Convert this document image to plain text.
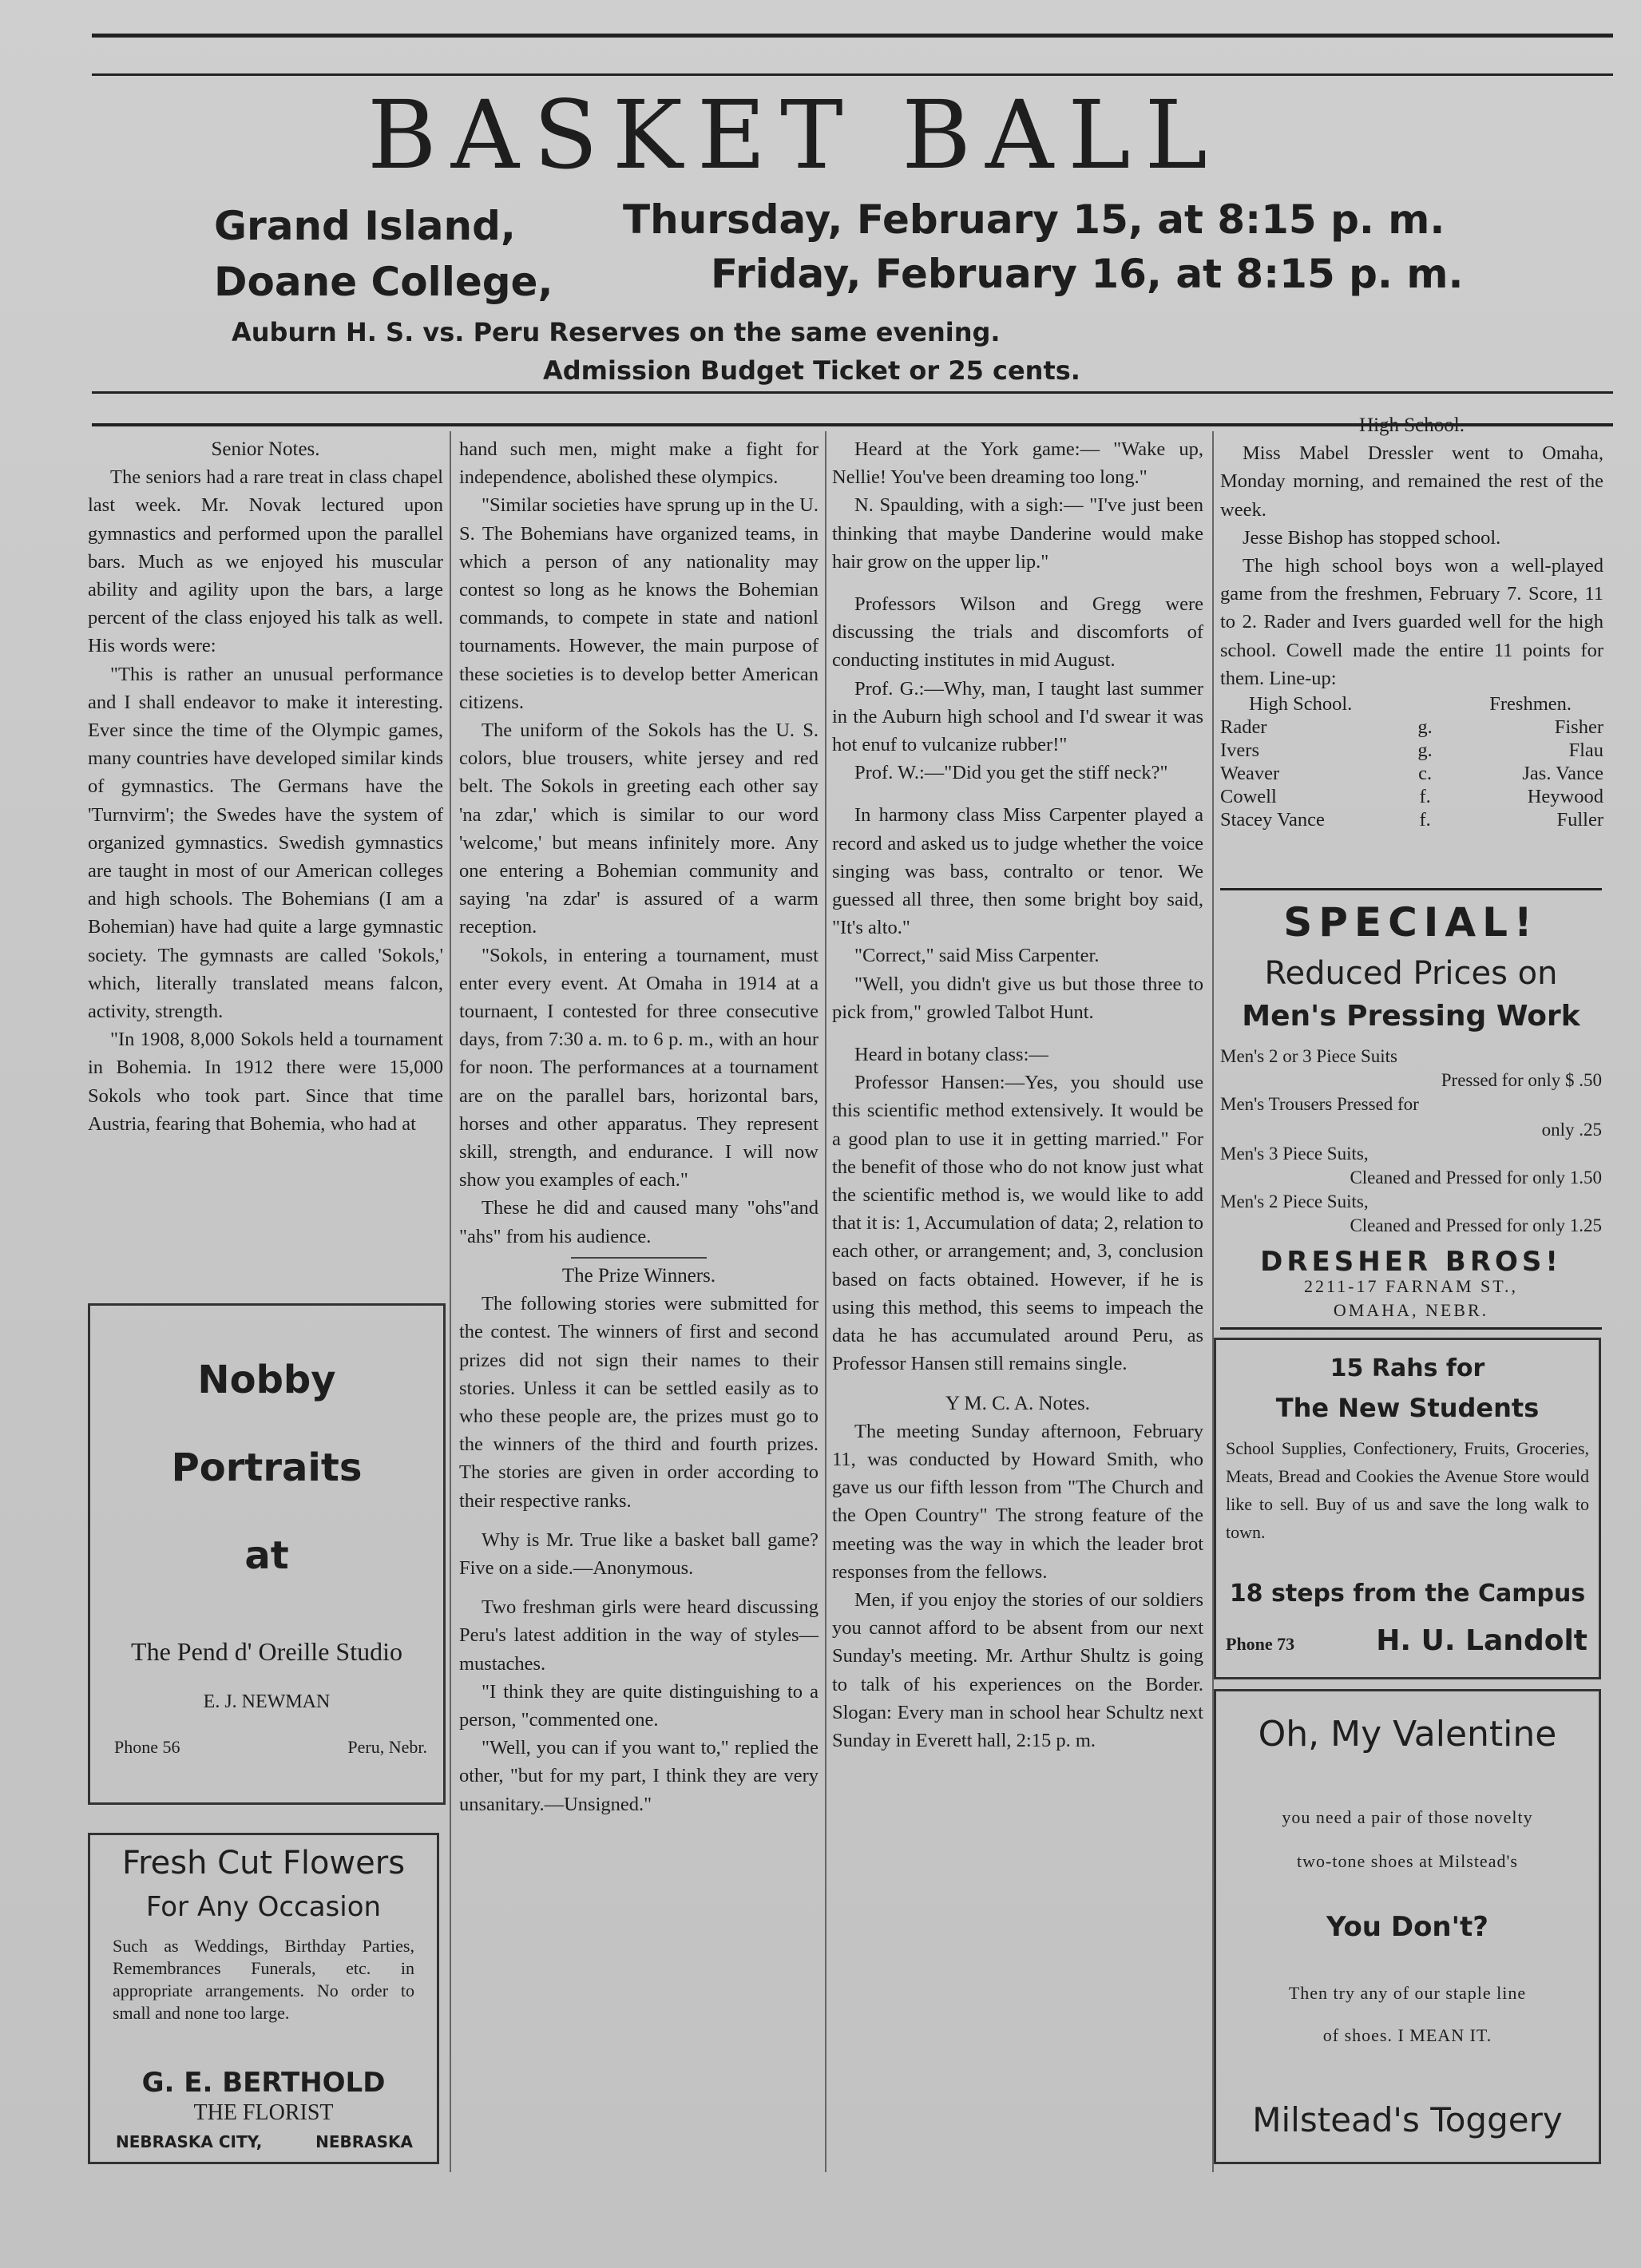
BASKET BALL
Grand Island,	Thursday, February 15, at 8:15 p. m.
Doane College,	Friday, February 16, at 8:15 p. m.
Auburn H. S. vs. Peru Reserves on the same evening.
Admission Budget Ticket or 25 cents.
Senior Notes.

The seniors had a rare treat in class chapel last week. Mr. Novak lectured upon gymnastics and performed upon the parallel bars. Much as we enjoyed his muscular ability and agility upon the bars, a large percent of the class enjoyed his talk as well. His words were:

"This is rather an unusual performance and I shall endeavor to make it interesting. Ever since the time of the Olympic games, many countries have developed similar kinds of gymnastics. The Germans have the 'Turnvirm'; the Swedes have the system of organized gymnastics. Swedish gymnastics are taught in most of our American colleges and high schools. The Bohemians (I am a Bohemian) have had quite a large gymnastic society. The gymnasts are called 'Sokols,' which, literally translated means falcon, activity, strength.

"In 1908, 8,000 Sokols held a tournament in Bohemia. In 1912 there were 15,000 Sokols who took part. Since that time Austria, fearing that Bohemia, who had at

Nobby
Portraits
at
The Pend d' Oreille Studio
E. J. NEWMAN
Phone 56	Peru, Nebr.
Fresh Cut Flowers
For Any Occasion
Such as Weddings, Birthday Parties, Remembrances Funerals, etc. in appropriate arrangements. No order to small and none too large.
G. E. BERTHOLD
THE FLORIST
NEBRASKA CITY,	NEBRASKA

hand such men, might make a fight for independence, abolished these olympics.

"Similar societies have sprung up in the U. S. The Bohemians have organized teams, in which a person of any nationality may contest so long as he knows the Bohemian commands, to compete in state and nationl tournaments. However, the main purpose of these societies is to develop better American citizens.

The uniform of the Sokols has the U. S. colors, blue trousers, white jersey and red belt. The Sokols in greeting each other say 'na zdar,' which is similar to our word 'welcome,' but means infinitely more. Any one entering a Bohemian community and saying 'na zdar' is assured of a warm reception.

"Sokols, in entering a tournament, must enter every event. At Omaha in 1914 at a tournaent, I contested for three consecutive days, from 7:30 a. m. to 6 p. m., with an hour for noon. The performances at a tournament are on the parallel bars, horizontal bars, horses and other apparatus. They represent skill, strength, and endurance. I will now show you examples of each."

These he did and caused many "ohs"and "ahs" from his audience.

The Prize Winners.

The following stories were submitted for the contest. The winners of first and second prizes did not sign their names to their stories. Unless it can be settled easily as to who these people are, the prizes must go to the winners of the third and fourth prizes. The stories are given in order according to their respective ranks.

Why is Mr. True like a basket ball game? Five on a side.—Anonymous.

Two freshman girls were heard discussing Peru's latest addition in the way of styles—mustaches.

"I think they are quite distinguishing to a person, "commented one.

"Well, you can if you want to," replied the other, "but for my part, I think they are very unsanitary.—Unsigned."

Heard at the York game:— "Wake up, Nellie! You've been dreaming too long."

N. Spaulding, with a sigh:— "I've just been thinking that maybe Danderine would make hair grow on the upper lip."

Professors Wilson and Gregg were discussing the trials and discomforts of conducting institutes in mid August.

Prof. G.:—Why, man, I taught last summer in the Auburn high school and I'd swear it was hot enuf to vulcanize rubber!"

Prof. W.:—"Did you get the stiff neck?"

In harmony class Miss Carpenter played a record and asked us to judge whether the voice singing was bass, contralto or tenor. We guessed all three, then some bright boy said, "It's alto."

"Correct," said Miss Carpenter.

"Well, you didn't give us but those three to pick from," growled Talbot Hunt.

Heard in botany class:—

Professor Hansen:—Yes, you should use this scientific method extensively. It would be a good plan to use it in getting married." For the benefit of those who do not know just what the scientific method is, we would like to add that it is: 1, Accumulation of data; 2, relation to each other, or arrangement; and, 3, conclusion based on facts obtained. However, if he is using this method, this seems to impeach the data he has accumulated around Peru, as Professor Hansen still remains single.

Y M. C. A. Notes.

The meeting Sunday afternoon, February 11, was conducted by Howard Smith, who gave us our fifth lesson from "The Church and the Open Country" The strong feature of the meeting was the way in which the leader brot responses from the fellows.

Men, if you enjoy the stories of our soldiers you cannot afford to be absent from our next Sunday's meeting. Mr. Arthur Shultz is going to talk of his experiences on the Border. Slogan: Every man in school hear Schultz next Sunday in Everett hall, 2:15 p. m.

High School.

Miss Mabel Dressler went to Omaha, Monday morning, and remained the rest of the week.

Jesse Bishop has stopped school.

The high school boys won a well-played game from the freshmen, February 7. Score, 11 to 2. Rader and Ivers guarded well for the high school. Cowell made the entire 11 points for them. Line-up:

High School.		Freshmen.
Rader	g.	Fisher
Ivers	g.	Flau
Weaver	c.	Jas. Vance
Cowell	f.	Heywood
Stacey Vance	f.	Fuller
SPECIAL!
Reduced Prices on
Men's Pressing Work
Men's 2 or 3 Piece Suits
Pressed for only $ .50
Men's Trousers Pressed for
only .25
Men's 3 Piece Suits,
Cleaned and Pressed for only 1.50
Men's 2 Piece Suits,
Cleaned and Pressed for only 1.25
DRESHER BROS!
2211-17 FARNAM ST.,
OMAHA, NEBR.
15 Rahs for
The New Students
School Supplies, Confectionery, Fruits, Groceries, Meats, Bread and Cookies the Avenue Store would like to sell. Buy of us and save the long walk to town.
18 steps from the Campus
Phone 73	H. U. Landolt
Oh, My Valentine
you need a pair of those novelty
two-tone shoes at Milstead's
You Don't?
Then try any of our staple line
of shoes. I MEAN IT.
Milstead's Toggery
